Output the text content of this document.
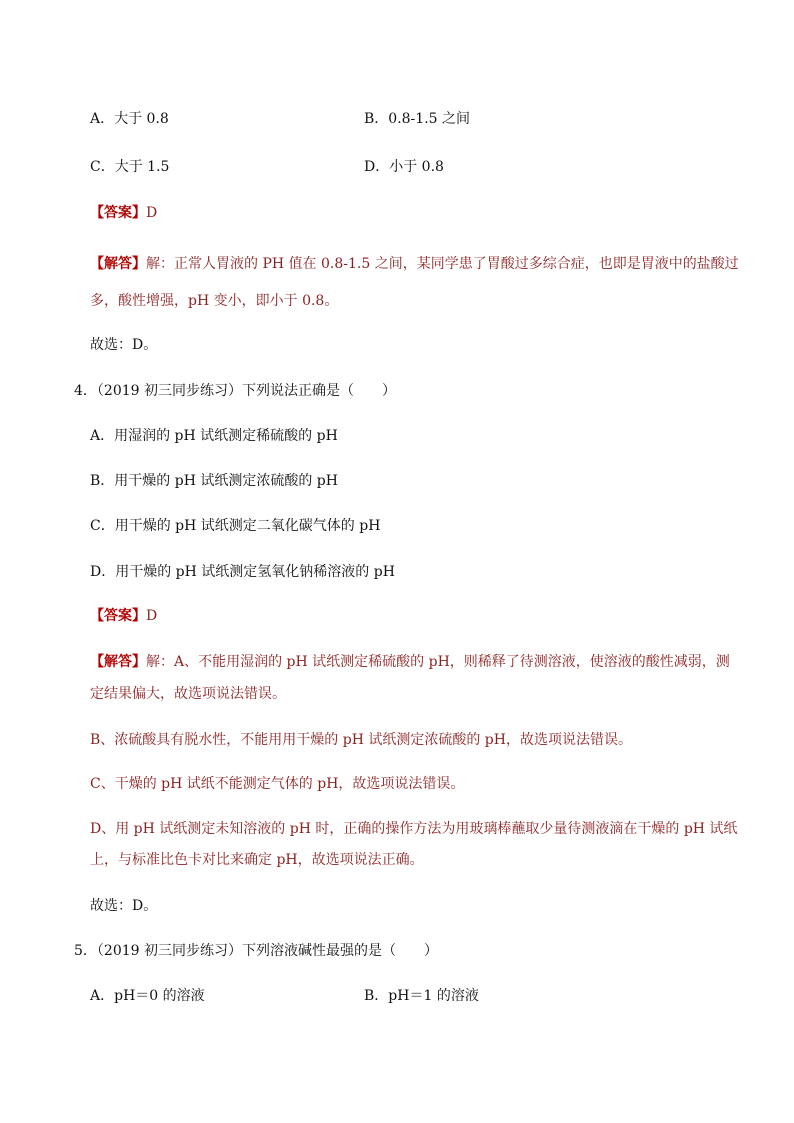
A．大于 0.8	B．0.8-1.5 之间
C．大于 1.5	D．小于 0.8
【答案】D
【解答】解：正常人胃液的 PH 值在 0.8-1.5 之间，某同学患了胃酸过多综合症，也即是胃液中的盐酸过
多，酸性增强，pH 变小，即小于 0.8。
故选：D。
4．（2019 初三同步练习）下列说法正确是（　　）
A．用湿润的 pH 试纸测定稀硫酸的 pH
B．用干燥的 pH 试纸测定浓硫酸的 pH
C．用干燥的 pH 试纸测定二氧化碳气体的 pH
D．用干燥的 pH 试纸测定氢氧化钠稀溶液的 pH
【答案】D
【解答】解：A、不能用湿润的 pH 试纸测定稀硫酸的 pH，则稀释了待测溶液，使溶液的酸性减弱，测
定结果偏大，故选项说法错误。
B、浓硫酸具有脱水性，不能用用干燥的 pH 试纸测定浓硫酸的 pH，故选项说法错误。
C、干燥的 pH 试纸不能测定气体的 pH，故选项说法错误。
D、用 pH 试纸测定未知溶液的 pH 时，正确的操作方法为用玻璃棒蘸取少量待测液滴在干燥的 pH 试纸
上，与标准比色卡对比来确定 pH，故选项说法正确。
故选：D。
5．（2019 初三同步练习）下列溶液碱性最强的是（　　）
A．pH＝0 的溶液	B．pH＝1 的溶液
